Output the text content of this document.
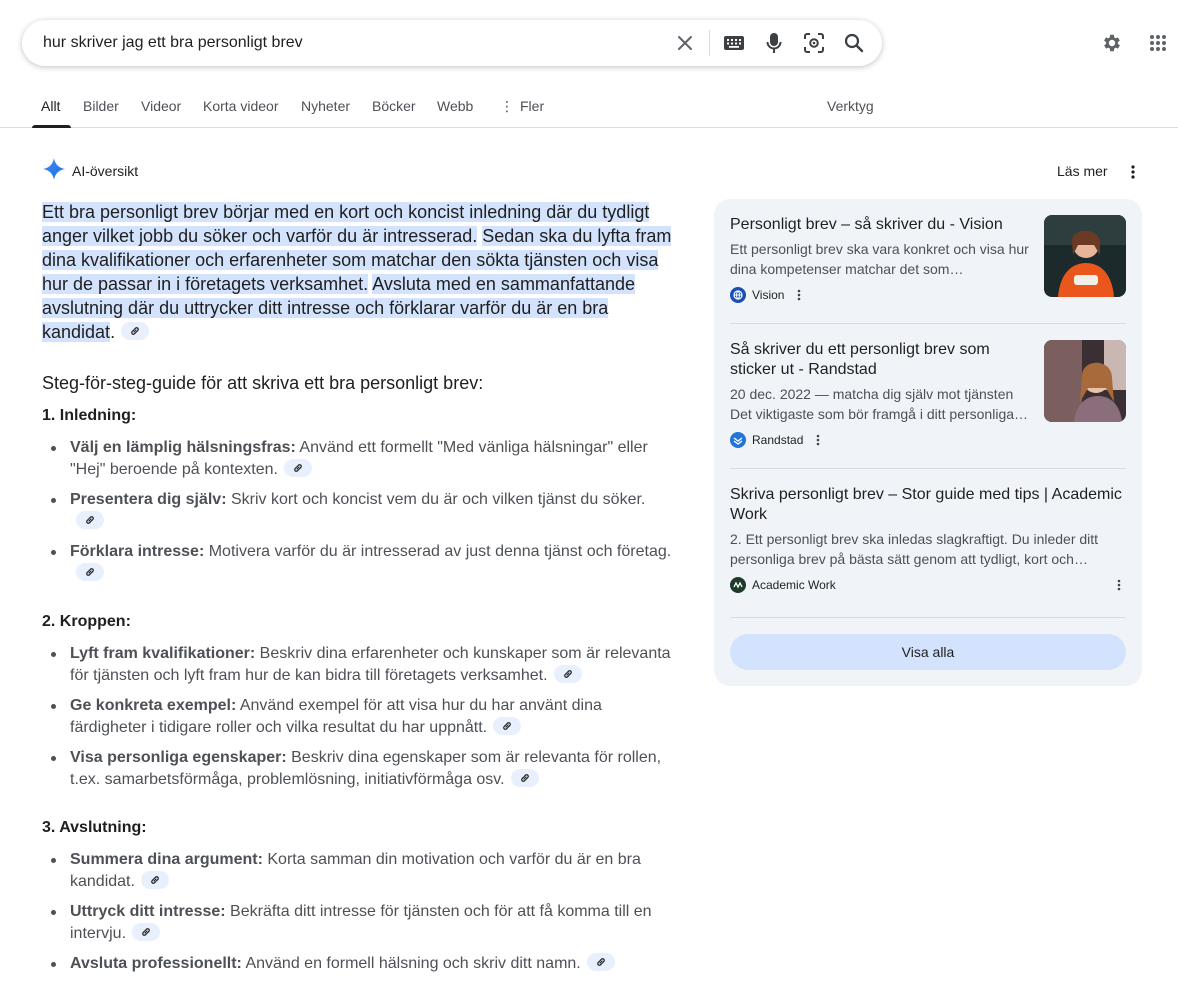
hur skriver jag ett bra personligt brev
Allt Bilder Videor Korta videor Nyheter Böcker Webb ⋮ Fler	Verktyg
AI-översikt	Läs mer

Ett bra personligt brev börjar med en kort och koncist inledning där du tydligt anger vilket jobb du söker och varför du är intresserad. Sedan ska du lyfta fram dina kvalifikationer och erfarenheter som matchar den sökta tjänsten och visa hur de passar in i företagets verksamhet. Avsluta med en sammanfattande avslutning där du uttrycker ditt intresse och förklarar varför du är en bra kandidat.

Steg-för-steg-guide för att skriva ett bra personligt brev:

1. Inledning:

Välj en lämplig hälsningsfras: Använd ett formellt "Med vänliga hälsningar" eller "Hej" beroende på kontexten.
Presentera dig själv: Skriv kort och koncist vem du är och vilken tjänst du söker.
Förklara intresse: Motivera varför du är intresserad av just denna tjänst och företag.

2. Kroppen:

Lyft fram kvalifikationer: Beskriv dina erfarenheter och kunskaper som är relevanta för tjänsten och lyft fram hur de kan bidra till företagets verksamhet.
Ge konkreta exempel: Använd exempel för att visa hur du har använt dina färdigheter i tidigare roller och vilka resultat du har uppnått.
Visa personliga egenskaper: Beskriv dina egenskaper som är relevanta för rollen, t.ex. samarbetsförmåga, problemlösning, initiativförmåga osv.

3. Avslutning:

Summera dina argument: Korta samman din motivation och varför du är en bra kandidat.
Uttryck ditt intresse: Bekräfta ditt intresse för tjänsten och för att få komma till en intervju.
Avsluta professionellt: Använd en formell hälsning och skriv ditt namn.
Personligt brev – så skriver du - Vision
Ett personligt brev ska vara konkret och visa hur dina kompetenser matchar det som…
Vision
Så skriver du ett personligt brev som sticker ut - Randstad
20 dec. 2022 — matcha dig själv mot tjänsten Det viktigaste som bör framgå i ditt personliga…
Randstad
Skriva personligt brev – Stor guide med tips | Academic Work
2. Ett personligt brev ska inledas slagkraftigt. Du inleder ditt personliga brev på bästa sätt genom att tydligt, kort och…
Academic Work
Visa alla
